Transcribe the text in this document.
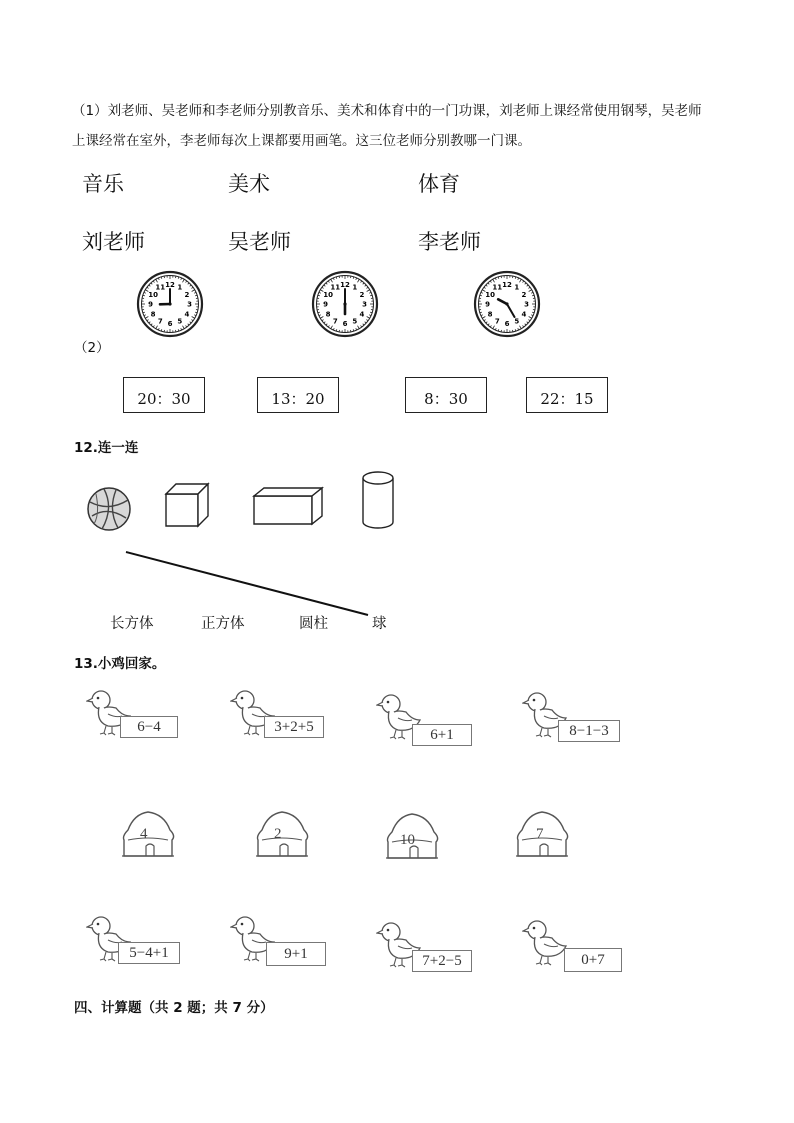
（1）刘老师、吴老师和李老师分别教音乐、美术和体育中的一门功课，刘老师上课经常使用钢琴，吴老师
上课经常在室外，李老师每次上课都要用画笔。这三位老师分别教哪一门课。
音乐	美术	体育
刘老师	吴老师	李老师
12 1
2
3
4
5
6
7
8
9
10
11	12 1
2
3
4
5
6
7
8
9
10
11	12 1
2
3
4
5
6
7
8
9
10
11
（2）
20：30	13：20	8：30	22：15
12.连一连
长方体	正方体	圆柱	球
13.小鸡回家。
6−4	3+2+5	6+1	8−1−3
4	2	10	7
5−4+1	9+1	7+2−5	0+7
四、计算题（共 2 题；共 7 分）
